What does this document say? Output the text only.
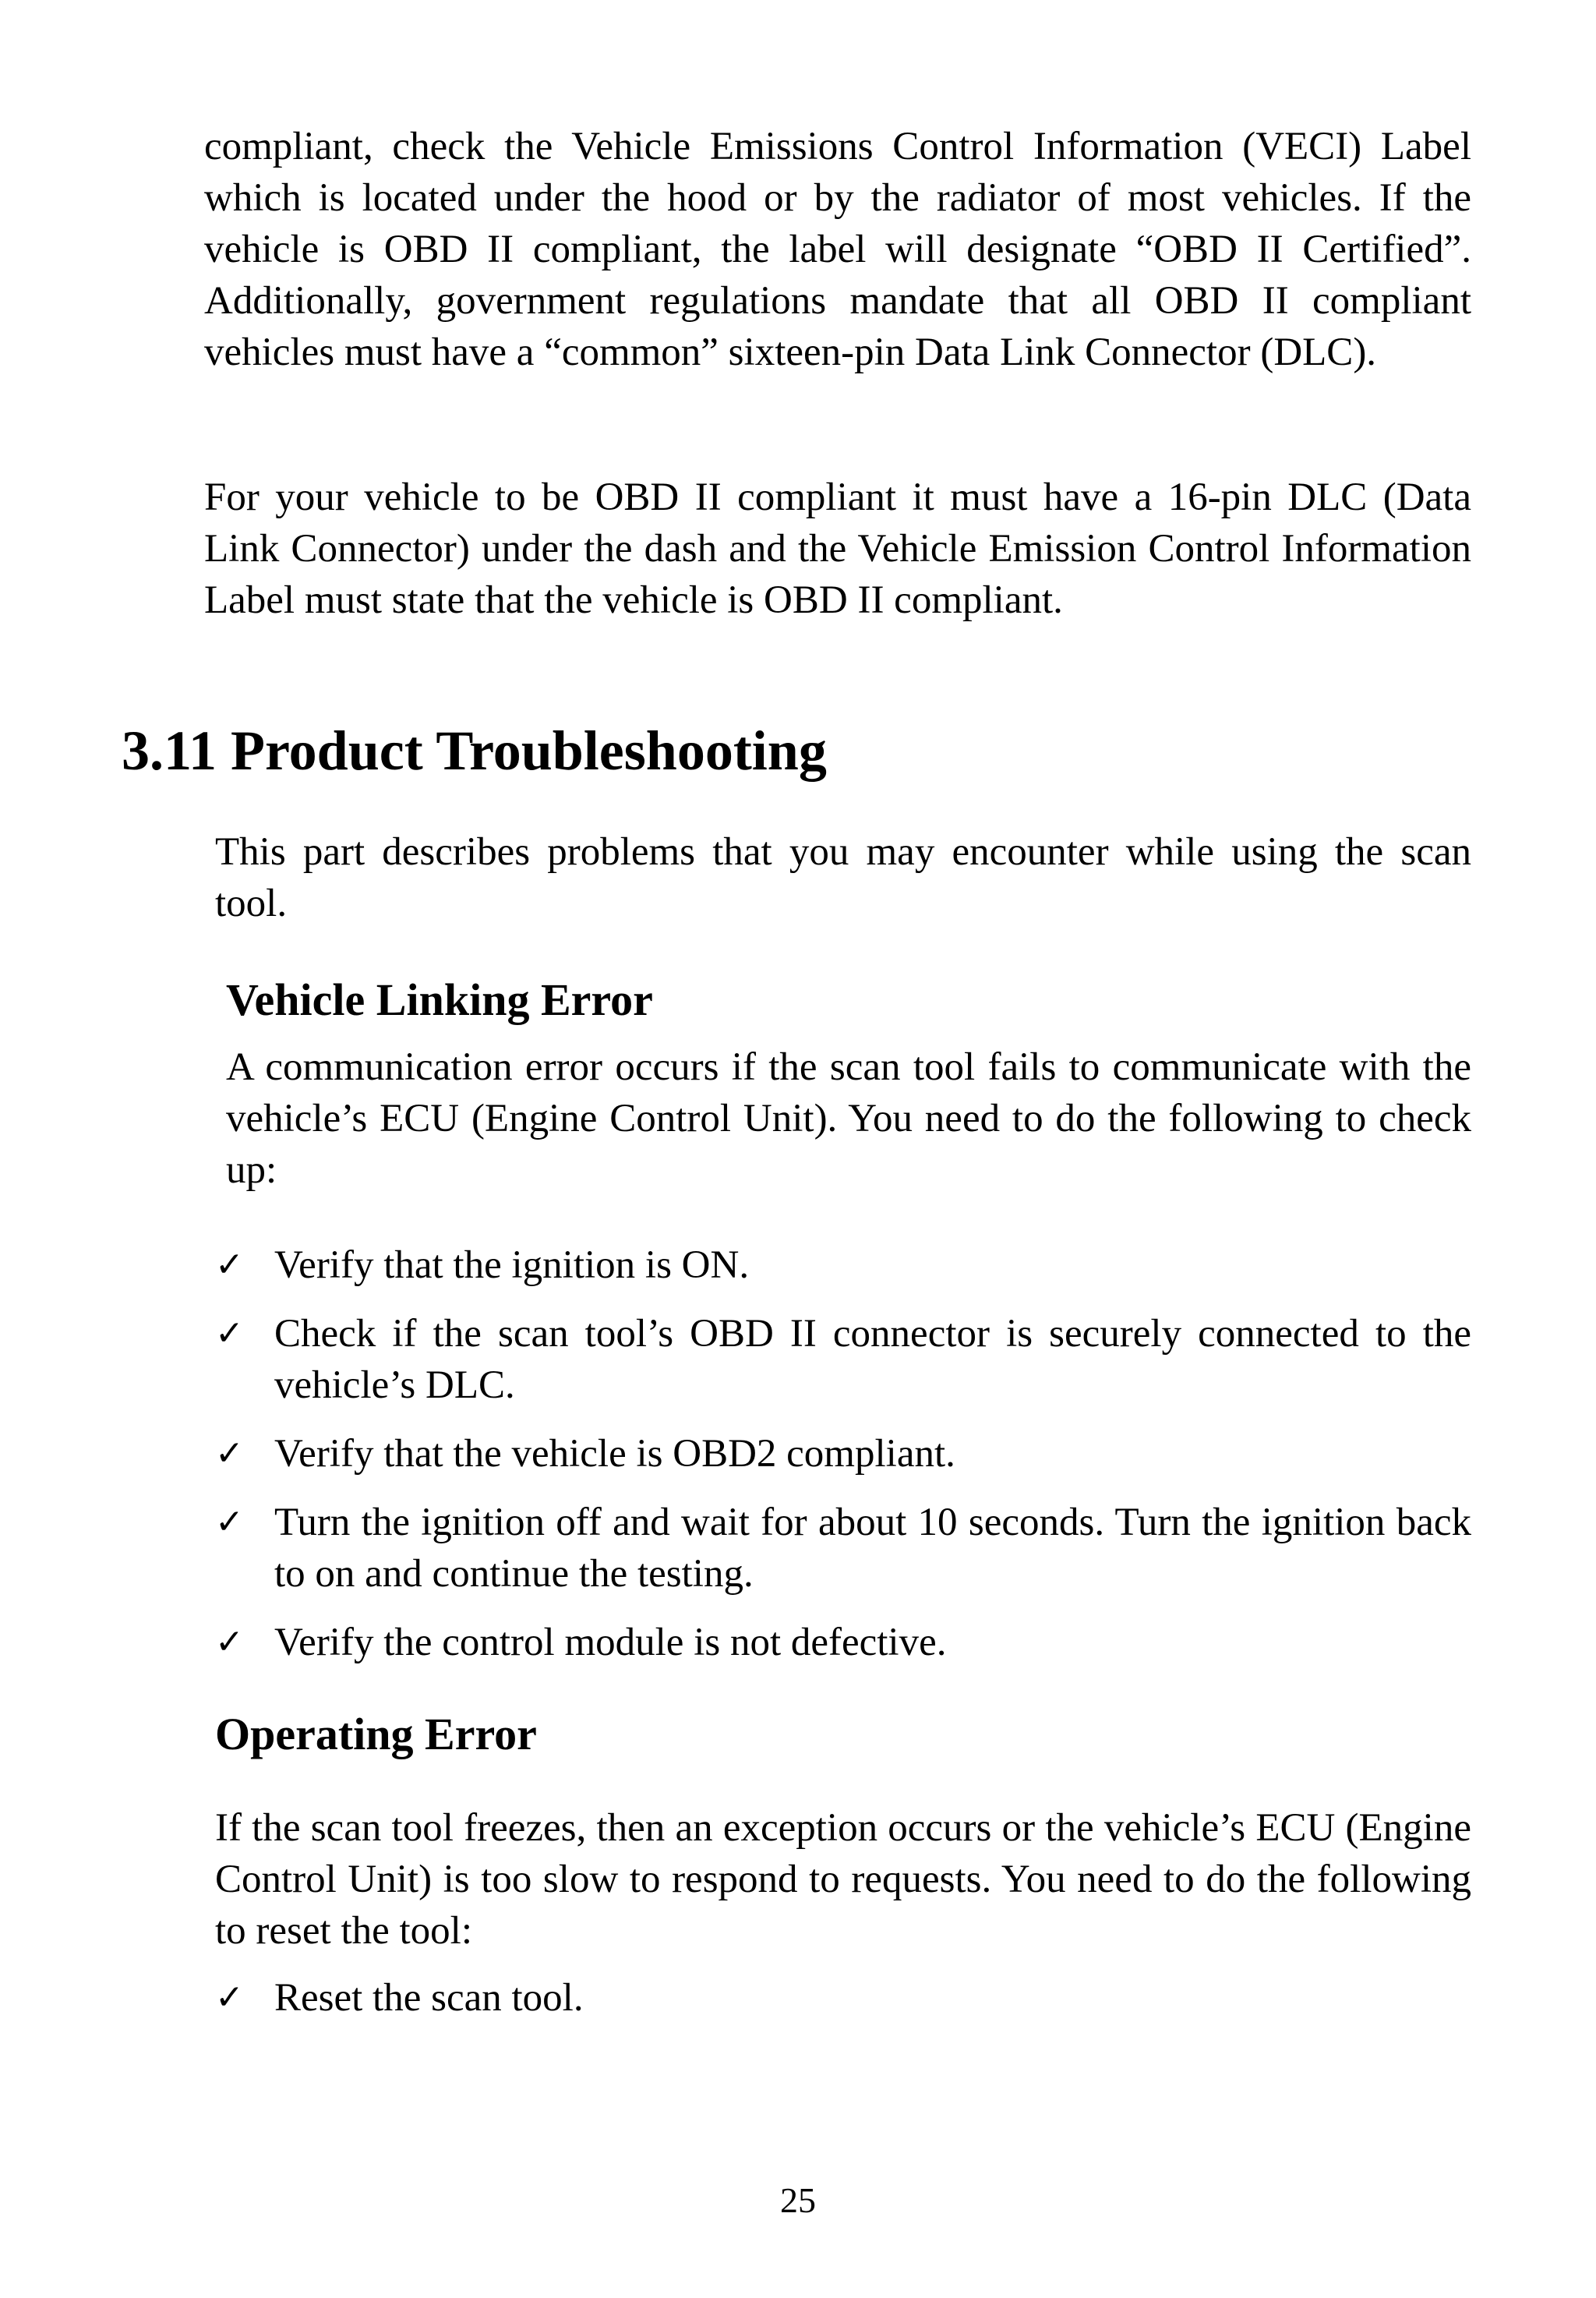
compliant, check the Vehicle Emissions Control Information (VECI) Label which is located under the hood or by the radiator of most vehicles. If the vehicle is OBD II compliant, the label will designate “OBD II Certified”. Additionally, government regulations mandate that all OBD II compliant vehicles must have a “common” sixteen-pin Data Link Connector (DLC).

For your vehicle to be OBD II compliant it must have a 16-pin DLC (Data Link Connector) under the dash and the Vehicle Emission Control Information Label must state that the vehicle is OBD II compliant.

3.11 Product Troubleshooting

This part describes problems that you may encounter while using the scan tool.

Vehicle Linking Error

A communication error occurs if the scan tool fails to communicate with the vehicle’s ECU (Engine Control Unit). You need to do the following to check up:

✓ Verify that the ignition is ON.
✓ Check if the scan tool’s OBD II connector is securely connected to the vehicle’s DLC.
✓ Verify that the vehicle is OBD2 compliant.
✓ Turn the ignition off and wait for about 10 seconds. Turn the ignition back to on and continue the testing.
✓ Verify the control module is not defective.
Operating Error

If the scan tool freezes, then an exception occurs or the vehicle’s ECU (Engine Control Unit) is too slow to respond to requests. You need to do the following to reset the tool:

✓ Reset the scan tool.

25
